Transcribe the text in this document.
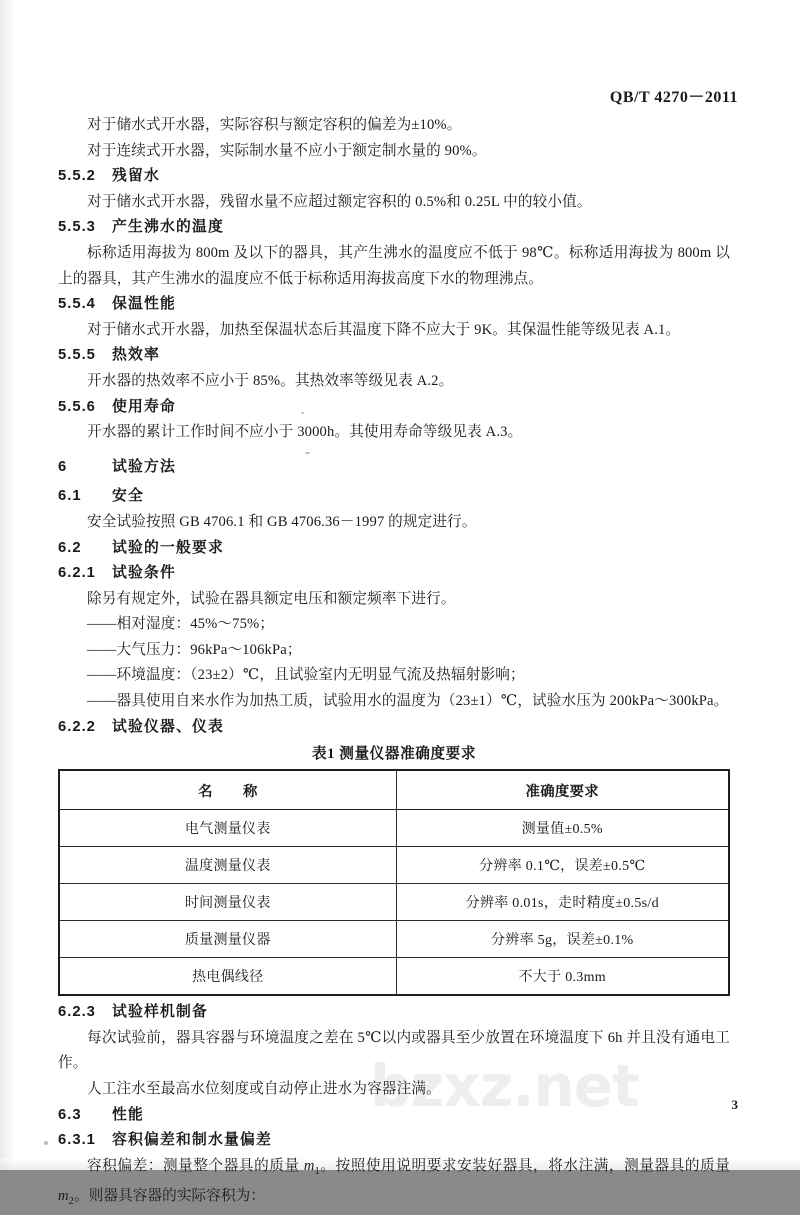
bzxz.net
QB/T 4270－2011
对于储水式开水器，实际容积与额定容积的偏差为±10%。
对于连续式开水器，实际制水量不应小于额定制水量的 90%。
5.5.2 残留水
对于储水式开水器，残留水量不应超过额定容积的 0.5%和 0.25L 中的较小值。
5.5.3 产生沸水的温度
标称适用海拔为 800m 及以下的器具，其产生沸水的温度应不低于 98℃。标称适用海拔为 800m 以上的器具，其产生沸水的温度应不低于标称适用海拔高度下水的物理沸点。
5.5.4 保温性能
对于储水式开水器，加热至保温状态后其温度下降不应大于 9K。其保温性能等级见表 A.1。
5.5.5 热效率
开水器的热效率不应小于 85%。其热效率等级见表 A.2。
5.5.6 使用寿命
开水器的累计工作时间不应小于 3000h。其使用寿命等级见表 A.3。
6	试验方法
6.1 安全
安全试验按照 GB 4706.1 和 GB 4706.36－1997 的规定进行。
6.2 试验的一般要求
6.2.1 试验条件
除另有规定外，试验在器具额定电压和额定频率下进行。
——相对湿度：45%～75%；
——大气压力：96kPa～106kPa；
——环境温度：（23±2）℃，且试验室内无明显气流及热辐射影响；
——器具使用自来水作为加热工质，试验用水的温度为（23±1）℃，试验水压为 200kPa～300kPa。
6.2.2 试验仪器、仪表
表1 测量仪器准确度要求
名　称	准确度要求
电气测量仪表	测量值±0.5%
温度测量仪表	分辨率 0.1℃，误差±0.5℃
时间测量仪表	分辨率 0.01s，走时精度±0.5s/d
质量测量仪器	分辨率 5g，误差±0.1%
热电偶线径	不大于 0.3mm
6.2.3 试验样机制备
每次试验前，器具容器与环境温度之差在 5℃以内或器具至少放置在环境温度下 6h 并且没有通电工作。
人工注水至最高水位刻度或自动停止进水为容器注满。
6.3 性能
6.3.1 容积偏差和制水量偏差
容积偏差：测量整个器具的质量 $m_1$。按照使用说明要求安装好器具，将水注满，测量器具的质量 $m_2$。则器具容器的实际容积为：
3
